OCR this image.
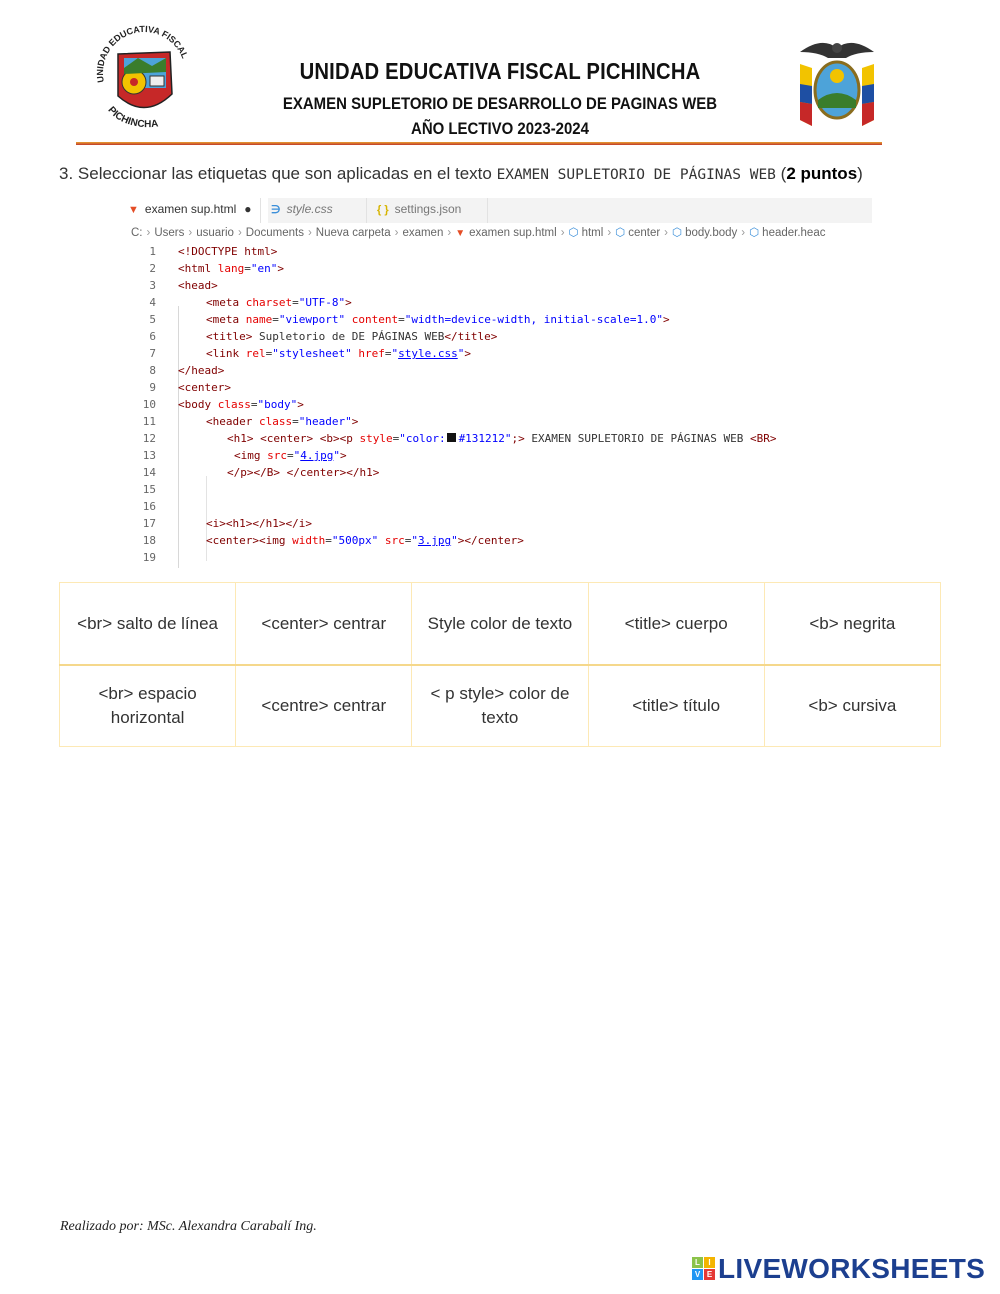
UNIDAD EDUCATIVA FISCAL
PICHINCHA
UNIDAD EDUCATIVA FISCAL PICHINCHA
EXAMEN SUPLETORIO DE DESARROLLO DE PAGINAS WEB
AÑO LECTIVO 2023-2024
3. Seleccionar las etiquetas que son aplicadas en el texto EXAMEN SUPLETORIO DE PÁGINAS WEB (2 puntos)
▼ examen sup.html ●	∋ style.css	{ } settings.json
C: › Users › usuario › Documents › Nueva carpeta › examen › ▼ examen sup.html › ⬡ html › ⬡ center › ⬡ body.body › ⬡ header.heac
1 <!DOCTYPE html>
2 <html lang="en">
3 <head>
4	<meta charset="UTF-8">
5	<meta name="viewport" content="width=device-width, initial-scale=1.0">
6	<title> Supletorio de DE PÁGINAS WEB</title>
7	<link rel="stylesheet" href="style.css">
8 </head>
9 <center>
10 <body class="body">
11	<header class="header">
12	<h1> <center> <b><p style="color: #131212";> EXAMEN SUPLETORIO DE PÁGINAS WEB <BR>
13	<img src="4.jpg">
14	</p></B> </center></h1>
15
16
17	<i><h1></h1></i>
18	<center><img width="500px" src="3.jpg"></center>
19
<br> salto de línea	<center> centrar	Style color de texto	<title> cuerpo	<b> negrita
<br> espacio horizontal	<centre> centrar	< p style> color de texto	<title> título	<b> cursiva
Realizado por: MSc. Alexandra Carabalí Ing.
L	I
V E LIVEWORKSHEETS
